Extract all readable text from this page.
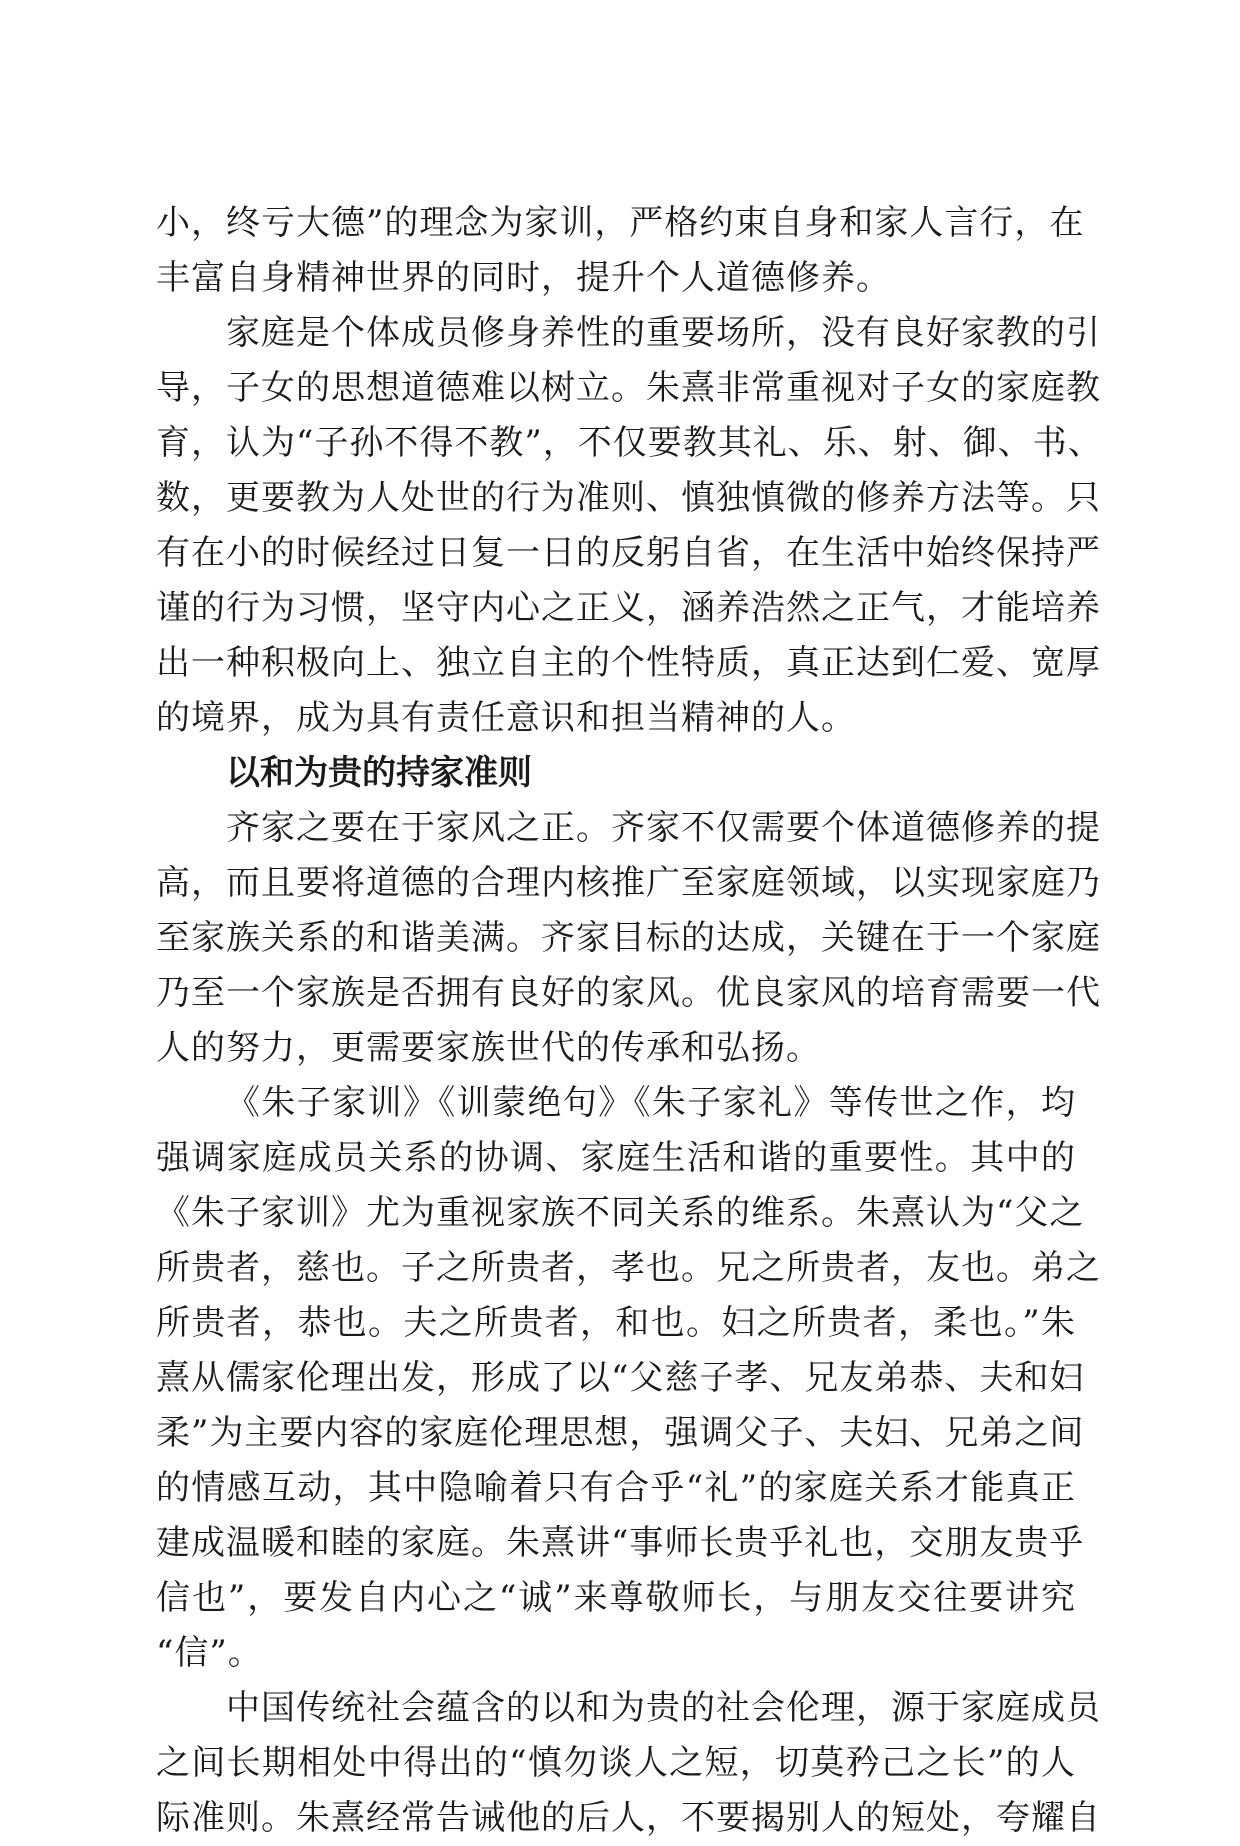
小，终亏大德”的理念为家训，严格约束自身和家人言行，在
丰富自身精神世界的同时，提升个人道德修养。
家庭是个体成员修身养性的重要场所，没有良好家教的引
导，子女的思想道德难以树立。朱熹非常重视对子女的家庭教
育，认为“子孙不得不教”，不仅要教其礼、乐、射、御、书、
数，更要教为人处世的行为准则、慎独慎微的修养方法等。只
有在小的时候经过日复一日的反躬自省，在生活中始终保持严
谨的行为习惯，坚守内心之正义，涵养浩然之正气，才能培养
出一种积极向上、独立自主的个性特质，真正达到仁爱、宽厚
的境界，成为具有责任意识和担当精神的人。
以和为贵的持家准则
齐家之要在于家风之正。齐家不仅需要个体道德修养的提
高，而且要将道德的合理内核推广至家庭领域，以实现家庭乃
至家族关系的和谐美满。齐家目标的达成，关键在于一个家庭
乃至一个家族是否拥有良好的家风。优良家风的培育需要一代
人的努力，更需要家族世代的传承和弘扬。
《朱子家训》《训蒙绝句》《朱子家礼》等传世之作，均
强调家庭成员关系的协调、家庭生活和谐的重要性。其中的
《朱子家训》尤为重视家族不同关系的维系。朱熹认为“父之
所贵者，慈也。子之所贵者，孝也。兄之所贵者，友也。弟之
所贵者，恭也。夫之所贵者，和也。妇之所贵者，柔也。”朱
熹从儒家伦理出发，形成了以“父慈子孝、兄友弟恭、夫和妇
柔”为主要内容的家庭伦理思想，强调父子、夫妇、兄弟之间
的情感互动，其中隐喻着只有合乎“礼”的家庭关系才能真正
建成温暖和睦的家庭。朱熹讲“事师长贵乎礼也，交朋友贵乎
信也”，要发自内心之“诚”来尊敬师长，与朋友交往要讲究
“信”。
中国传统社会蕴含的以和为贵的社会伦理，源于家庭成员
之间长期相处中得出的“慎勿谈人之短，切莫矜己之长”的人
际准则。朱熹经常告诫他的后人，不要揭别人的短处，夸耀自
